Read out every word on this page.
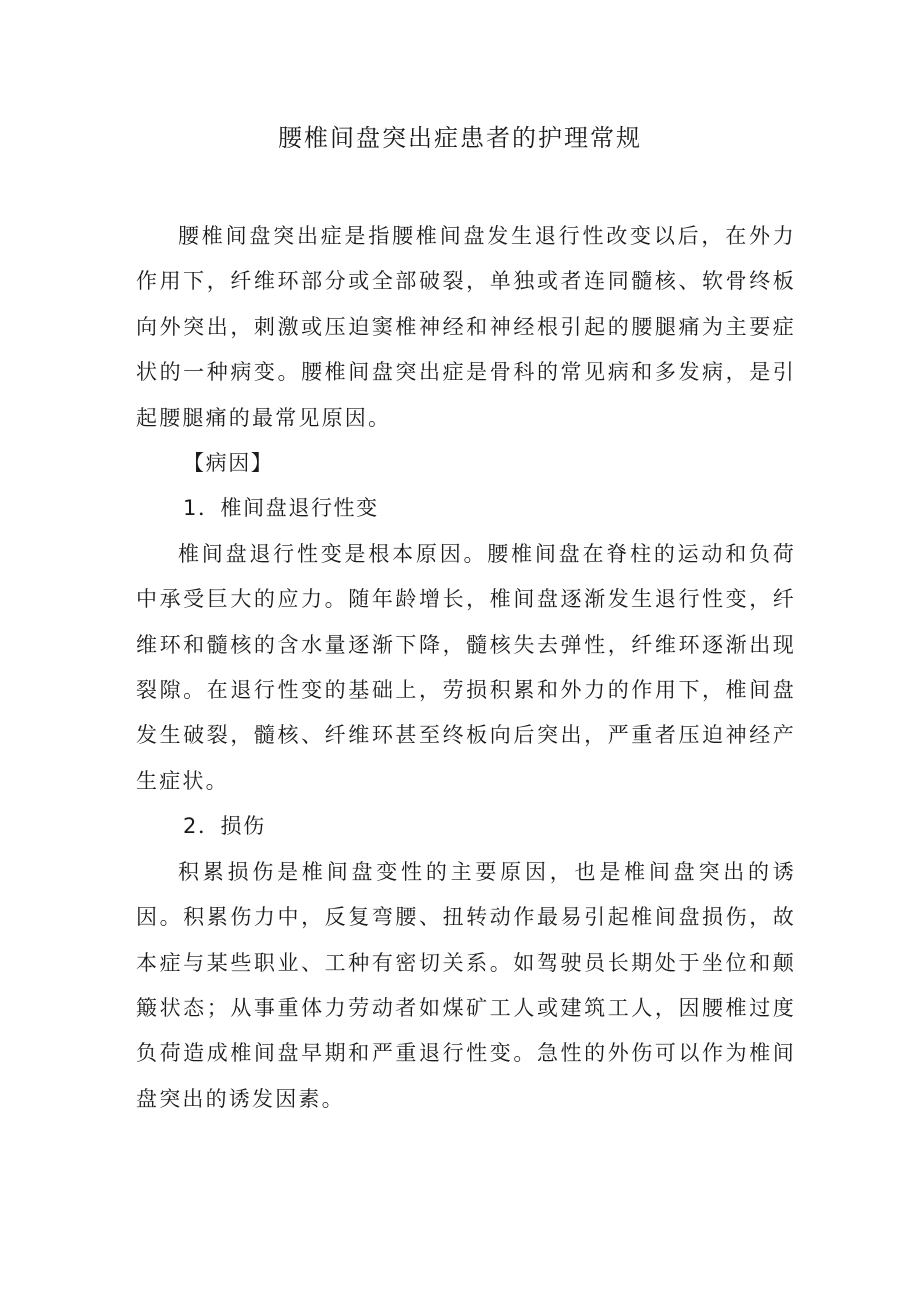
腰椎间盘突出症患者的护理常规

腰椎间盘突出症是指腰椎间盘发生退行性改变以后，在外力作用下，纤维环部分或全部破裂，单独或者连同髓核、软骨终板向外突出，刺激或压迫窦椎神经和神经根引起的腰腿痛为主要症状的一种病变。腰椎间盘突出症是骨科的常见病和多发病，是引起腰腿痛的最常见原因。

【病因】

1．椎间盘退行性变

椎间盘退行性变是根本原因。腰椎间盘在脊柱的运动和负荷中承受巨大的应力。随年龄增长，椎间盘逐渐发生退行性变，纤维环和髓核的含水量逐渐下降，髓核失去弹性，纤维环逐渐出现裂隙。在退行性变的基础上，劳损积累和外力的作用下，椎间盘发生破裂，髓核、纤维环甚至终板向后突出，严重者压迫神经产生症状。

2．损伤

积累损伤是椎间盘变性的主要原因，也是椎间盘突出的诱因。积累伤力中，反复弯腰、扭转动作最易引起椎间盘损伤，故本症与某些职业、工种有密切关系。如驾驶员长期处于坐位和颠簸状态；从事重体力劳动者如煤矿工人或建筑工人，因腰椎过度负荷造成椎间盘早期和严重退行性变。急性的外伤可以作为椎间盘突出的诱发因素。
